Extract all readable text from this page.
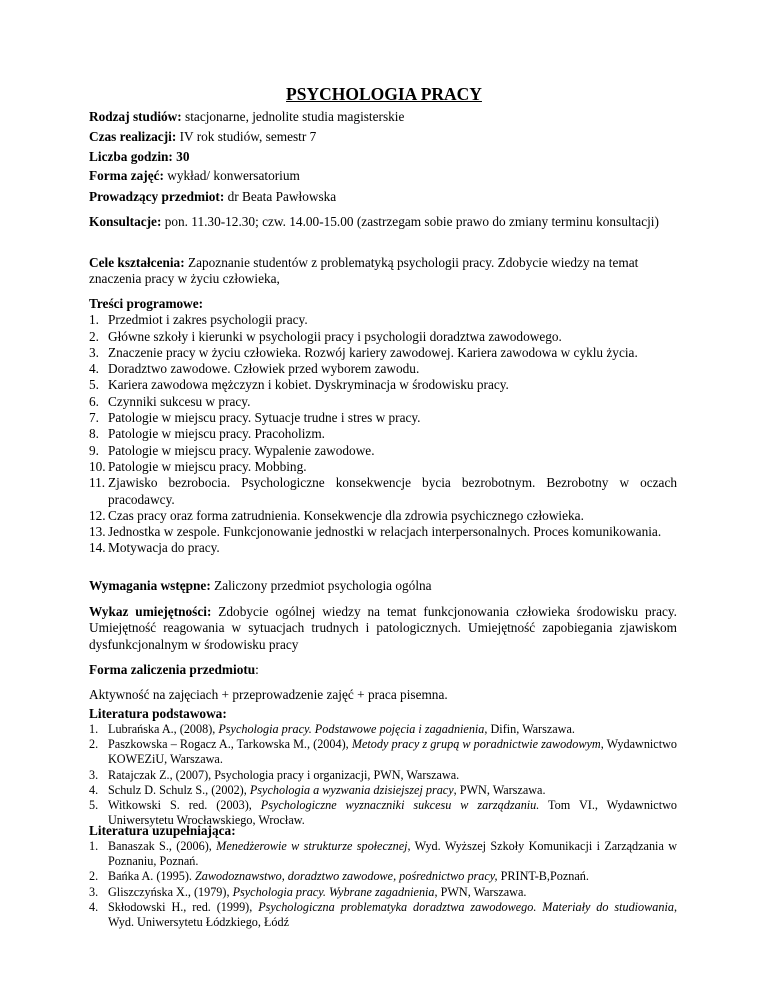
PSYCHOLOGIA PRACY
Rodzaj studiów: stacjonarne, jednolite studia magisterskie
Czas realizacji: IV rok studiów, semestr 7
Liczba godzin: 30
Forma zajęć: wykład/ konwersatorium
Prowadzący przedmiot: dr Beata Pawłowska
Konsultacje: pon. 11.30-12.30; czw. 14.00-15.00 (zastrzegam sobie prawo do zmiany terminu konsultacji)
Cele kształcenia: Zapoznanie studentów z problematyką psychologii pracy. Zdobycie wiedzy na temat znaczenia pracy w życiu człowieka,
Treści programowe:
1. Przedmiot i zakres psychologii pracy.
2. Główne szkoły i kierunki w psychologii pracy i psychologii doradztwa zawodowego.
3. Znaczenie pracy w życiu człowieka. Rozwój kariery zawodowej. Kariera zawodowa w cyklu życia.
4. Doradztwo zawodowe. Człowiek przed wyborem zawodu.
5. Kariera zawodowa mężczyzn i kobiet. Dyskryminacja w środowisku pracy.
6. Czynniki sukcesu w pracy.
7. Patologie w miejscu pracy. Sytuacje trudne i stres w pracy.
8. Patologie w miejscu pracy. Pracoholizm.
9. Patologie w miejscu pracy. Wypalenie zawodowe.
10. Patologie w miejscu pracy. Mobbing.
11. Zjawisko bezrobocia. Psychologiczne konsekwencje bycia bezrobotnym. Bezrobotny w oczach pracodawcy.
12. Czas pracy oraz forma zatrudnienia. Konsekwencje dla zdrowia psychicznego człowieka.
13. Jednostka w zespole. Funkcjonowanie jednostki w relacjach interpersonalnych. Proces komunikowania.
14. Motywacja do pracy.
Wymagania wstępne: Zaliczony przedmiot psychologia ogólna
Wykaz umiejętności: Zdobycie ogólnej wiedzy na temat funkcjonowania człowieka środowisku pracy. Umiejętność reagowania w sytuacjach trudnych i patologicznych. Umiejętność zapobiegania zjawiskom dysfunkcjonalnym w środowisku pracy
Forma zaliczenia przedmiotu:
Aktywność na zajęciach + przeprowadzenie zajęć + praca pisemna.
Literatura podstawowa:
1. Lubrańska A., (2008), Psychologia pracy. Podstawowe pojęcia i zagadnienia, Difin, Warszawa.
2. Paszkowska – Rogacz A., Tarkowska M., (2004), Metody pracy z grupą w poradnictwie zawodowym, Wydawnictwo KOWEZiU, Warszawa.
3. Ratajczak Z., (2007), Psychologia pracy i organizacji, PWN, Warszawa.
4. Schulz D. Schulz S., (2002), Psychologia a wyzwania dzisiejszej pracy, PWN, Warszawa.
5. Witkowski S. red. (2003), Psychologiczne wyznaczniki sukcesu w zarządzaniu. Tom VI., Wydawnictwo Uniwersytetu Wrocławskiego, Wrocław.
Literatura uzupełniająca:
1. Banaszak S., (2006), Menedżerowie w strukturze społecznej, Wyd. Wyższej Szkoły Komunikacji i Zarządzania w Poznaniu, Poznań.
2. Bańka A. (1995). Zawodoznawstwo, doradztwo zawodowe, pośrednictwo pracy, PRINT-B,Poznań.
3. Gliszczyńska X., (1979), Psychologia pracy. Wybrane zagadnienia, PWN, Warszawa.
4. Skłodowski H., red. (1999), Psychologiczna problematyka doradztwa zawodowego. Materiały do studiowania, Wyd. Uniwersytetu Łódzkiego, Łódź
